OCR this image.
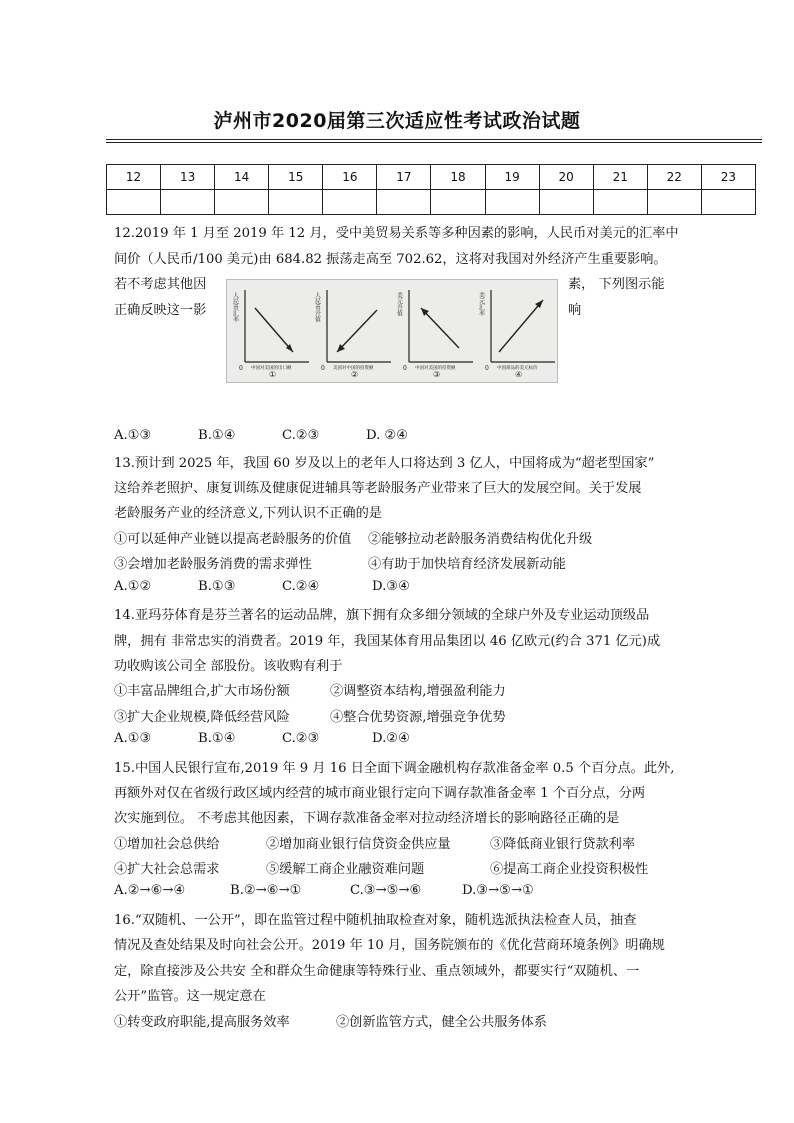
泸州市2020届第三次适应性考试政治试题
12	13	14	15	16	17	18	19	20	21	22	23

12.2019 年 1 月至 2019 年 12 月，受中美贸易关系等多种因素的影响，人民币对美元的汇率中
间价（人民币/100 美元)由 684.82 振荡走高至 702.62，这将对我国对外经济产生重要影响。
若不考虑其他因	素， 下列图示能
正确反映这一影	响
0
人民币汇率
中国对美国的出口额
①
0
人民币升值
美国对中国的投资额
②
0
美元升值
中国对美国的投资额
③
0
美元汇率
中国商品的美元标价
④
A.①③	B.①④	C.②③	D. ②④
13.预计到 2025 年，我国 60 岁及以上的老年人口将达到 3 亿人，中国将成为“超老型国家”
这给养老照护、康复训练及健康促进辅具等老龄服务产业带来了巨大的发展空间。关于发展
老龄服务产业的经济意义,下列认识不正确的是
①可以延伸产业链以提高老龄服务的价值 ②能够拉动老龄服务消费结构优化升级
③会增加老龄服务消费的需求弹性	④有助于加快培育经济发展新动能
A.①②	B.①③	C.②④	D.③④
14.亚玛芬体育是芬兰著名的运动品牌，旗下拥有众多细分领域的全球户外及专业运动顶级品
牌，拥有 非常忠实的消费者。2019 年，我国某体育用品集团以 46 亿欧元(约合 371 亿元)成
功收购该公司全 部股份。该收购有利于
①丰富品牌组合,扩大市场份额	②调整资本结构,增强盈利能力
③扩大企业规模,降低经营风险	④整合优势资源,增强竞争优势
A.①③	B.①④	C.②③	D.②④
15.中国人民银行宣布,2019 年 9 月 16 日全面下调金融机构存款准备金率 0.5 个百分点。此外,
再额外对仅在省级行政区域内经营的城市商业银行定向下调存款准备金率 1 个百分点，分两
次实施到位。 不考虑其他因素，下调存款准备金率对拉动经济增长的影响路径正确的是
①增加社会总供给	②增加商业银行信贷资金供应量	③降低商业银行贷款利率
④扩大社会总需求	⑤缓解工商企业融资难问题	⑥提高工商企业投资积极性
A.②→⑥→④	B.②→⑥→①	C.③→⑤→⑥	D.③→⑤→①
16.“双随机、一公开”，即在监管过程中随机抽取检查对象，随机选派执法检查人员，抽查
情况及查处结果及时向社会公开。2019 年 10 月，国务院颁布的《优化营商环境条例》明确规
定，除直接涉及公共安 全和群众生命健康等特殊行业、重点领域外，都要实行“双随机、一
公开”监管。这一规定意在
①转变政府职能,提高服务效率	②创新监管方式，健全公共服务体系
